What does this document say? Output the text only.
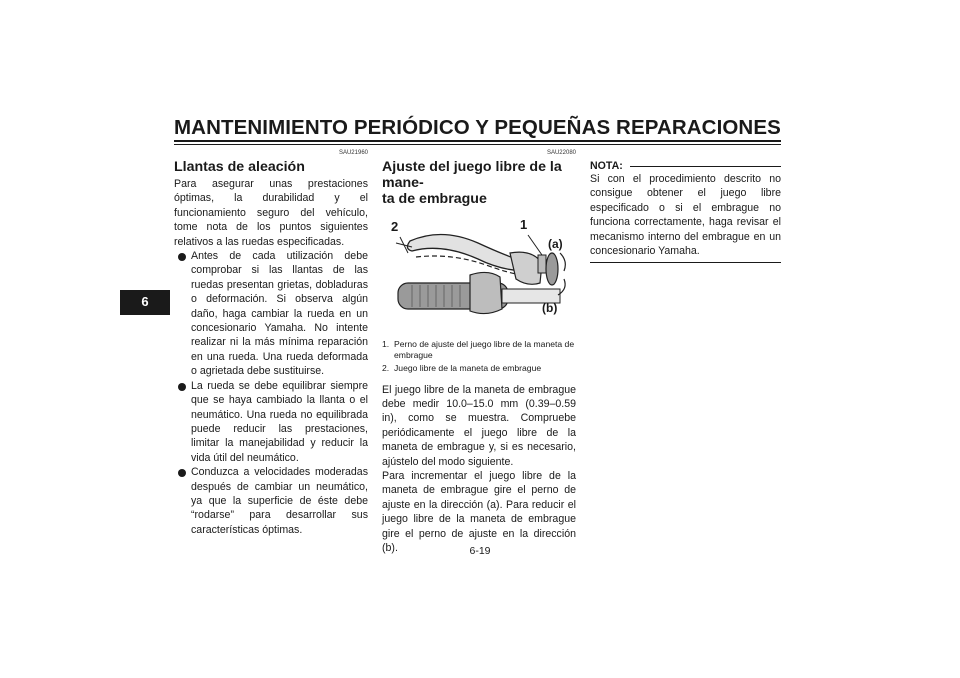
MANTENIMIENTO PERIÓDICO Y PEQUEÑAS REPARACIONES
6
SAU21960
Llantas de aleación

Para asegurar unas prestaciones óptimas, la durabilidad y el funcionamiento seguro del vehículo, tome nota de los puntos siguientes relativos a las ruedas especificadas.

Antes de cada utilización debe comprobar si las llantas de las ruedas presentan grietas, dobladuras o deformación. Si observa algún daño, haga cambiar la rueda en un concesionario Yamaha. No intente realizar ni la más mínima reparación en una rueda. Una rueda deformada o agrietada debe sustituirse.
La rueda se debe equilibrar siempre que se haya cambiado la llanta o el neumático. Una rueda no equilibrada puede reducir las prestaciones, limitar la manejabilidad y reducir la vida útil del neumático.
Conduzca a velocidades moderadas después de cambiar un neumático, ya que la superficie de éste debe “rodarse” para desarrollar sus características óptimas.
SAU22080
Ajuste del juego libre de la mane-
ta de embrague
2	1
(a)
(b)
1. Perno de ajuste del juego libre de la maneta de embrague
2. Juego libre de la maneta de embrague

El juego libre de la maneta de embrague debe medir 10.0–15.0 mm (0.39–0.59 in), como se muestra. Compruebe periódicamente el juego libre de la maneta de embrague y, si es necesario, ajústelo del modo siguiente.

Para incrementar el juego libre de la maneta de embrague gire el perno de ajuste en la dirección (a). Para reducir el juego libre de la maneta de embrague gire el perno de ajuste en la dirección (b).

NOTA:
Si con el procedimiento descrito no consigue obtener el juego libre especificado o si el embrague no funciona correctamente, haga revisar el mecanismo interno del embrague en un concesionario Yamaha.
6-19
